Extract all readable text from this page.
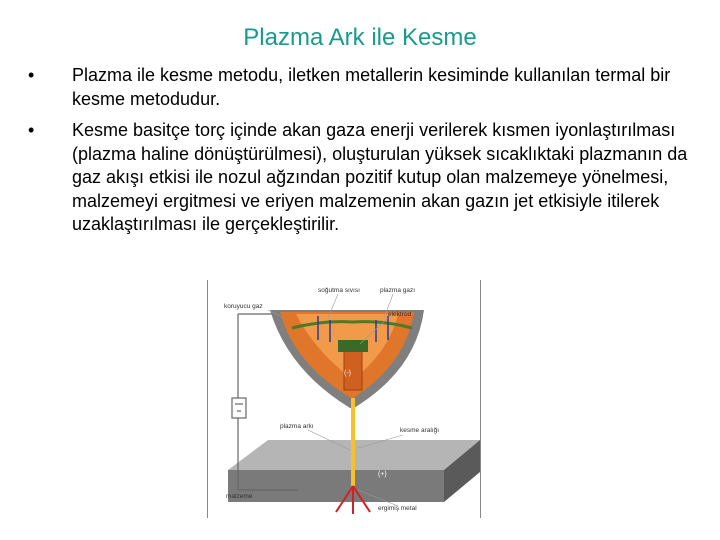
Plazma Ark ile Kesme
•	Plazma ile kesme metodu, iletken metallerin kesiminde kullanılan termal bir kesme metodudur.
•	Kesme basitçe torç içinde akan gaza enerji verilerek kısmen iyonlaştırılması (plazma haline dönüştürülmesi), oluşturulan yüksek sıcaklıktaki plazmanın da gaz akışı etkisi ile nozul ağzından pozitif kutup olan malzemeye yönelmesi, malzemeyi ergitmesi ve eriyen malzemenin akan gazın jet etkisiyle itilerek uzaklaştırılması ile gerçekleştirilir.
soğutma sıvısı	plazma gazı
koruyucu gaz
elektrod
(-)
plazma arkı
kesme aralığı
(+)
malzeme
ergimiş metal
